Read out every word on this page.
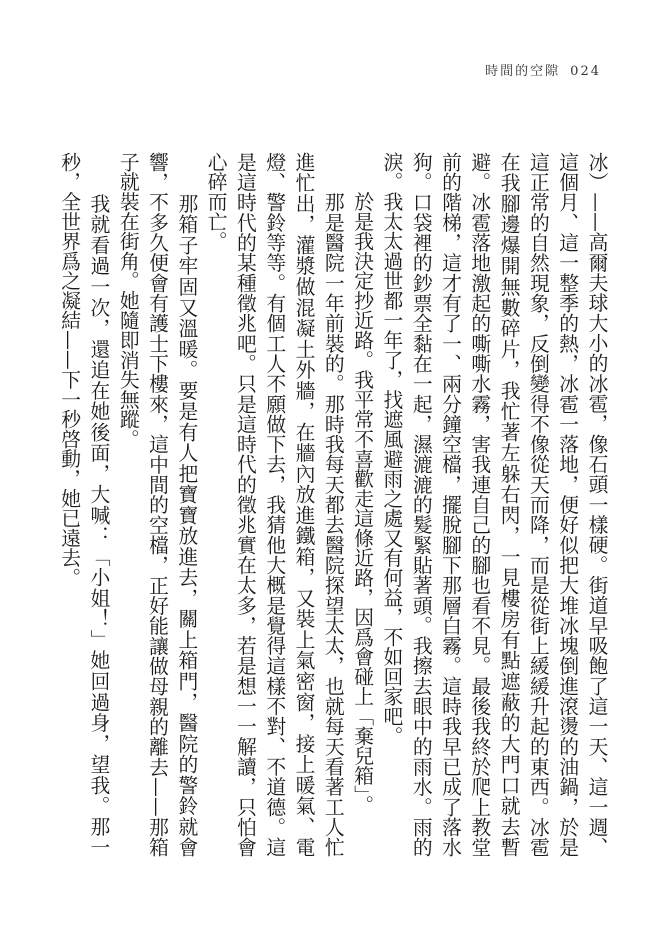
時間的空隙 024

冰）——高爾夫球大小的冰雹，像石頭一樣硬。街道早吸飽了這一天、這一週、這個月、這一整季的熱，冰雹一落地，便好似把大堆冰塊倒進滾燙的油鍋，於是這正常的自然現象，反倒變得不像從天而降，而是從街上緩緩升起的東西。冰雹在我腳邊爆開無數碎片，我忙著左躲右閃，一見樓房有點遮蔽的大門口就去暫避。冰雹落地激起的嘶嘶水霧，害我連自己的腳也看不見。最後我終於爬上教堂前的階梯，這才有了一、兩分鐘空檔，擺脫腳下那層白霧。這時我早已成了落水狗。口袋裡的鈔票全黏在一起，濕漉漉的髮緊貼著頭。我擦去眼中的雨水。雨的淚。我太太過世都一年了，找遮風避雨之處又有何益，不如回家吧。

　　於是我決定抄近路。我平常不喜歡走這條近路，因爲會碰上「棄兒箱」。

　　那是醫院一年前裝的。那時我每天都去醫院探望太太，也就每天看著工人忙進忙出，灌漿做混凝土外牆，在牆內放進鐵箱，又裝上氣密窗，接上暖氣、電燈、警鈴等等。有個工人不願做下去，我猜他大概是覺得這樣不對、不道德。這是這時代的某種徵兆吧。只是這時代的徵兆實在太多，若是想一一解讀，只怕會心碎而亡。

　　那箱子牢固又溫暖。要是有人把寶寶放進去，關上箱門，醫院的警鈴就會響，不多久便會有護士下樓來，這中間的空檔，正好能讓做母親的離去——那箱子就裝在街角。她隨即消失無蹤。

　　我就看過一次，還追在她後面，大喊：「小姐！」她回過身，望我。那一秒，全世界爲之凝結——下一秒啓動，她已遠去。
